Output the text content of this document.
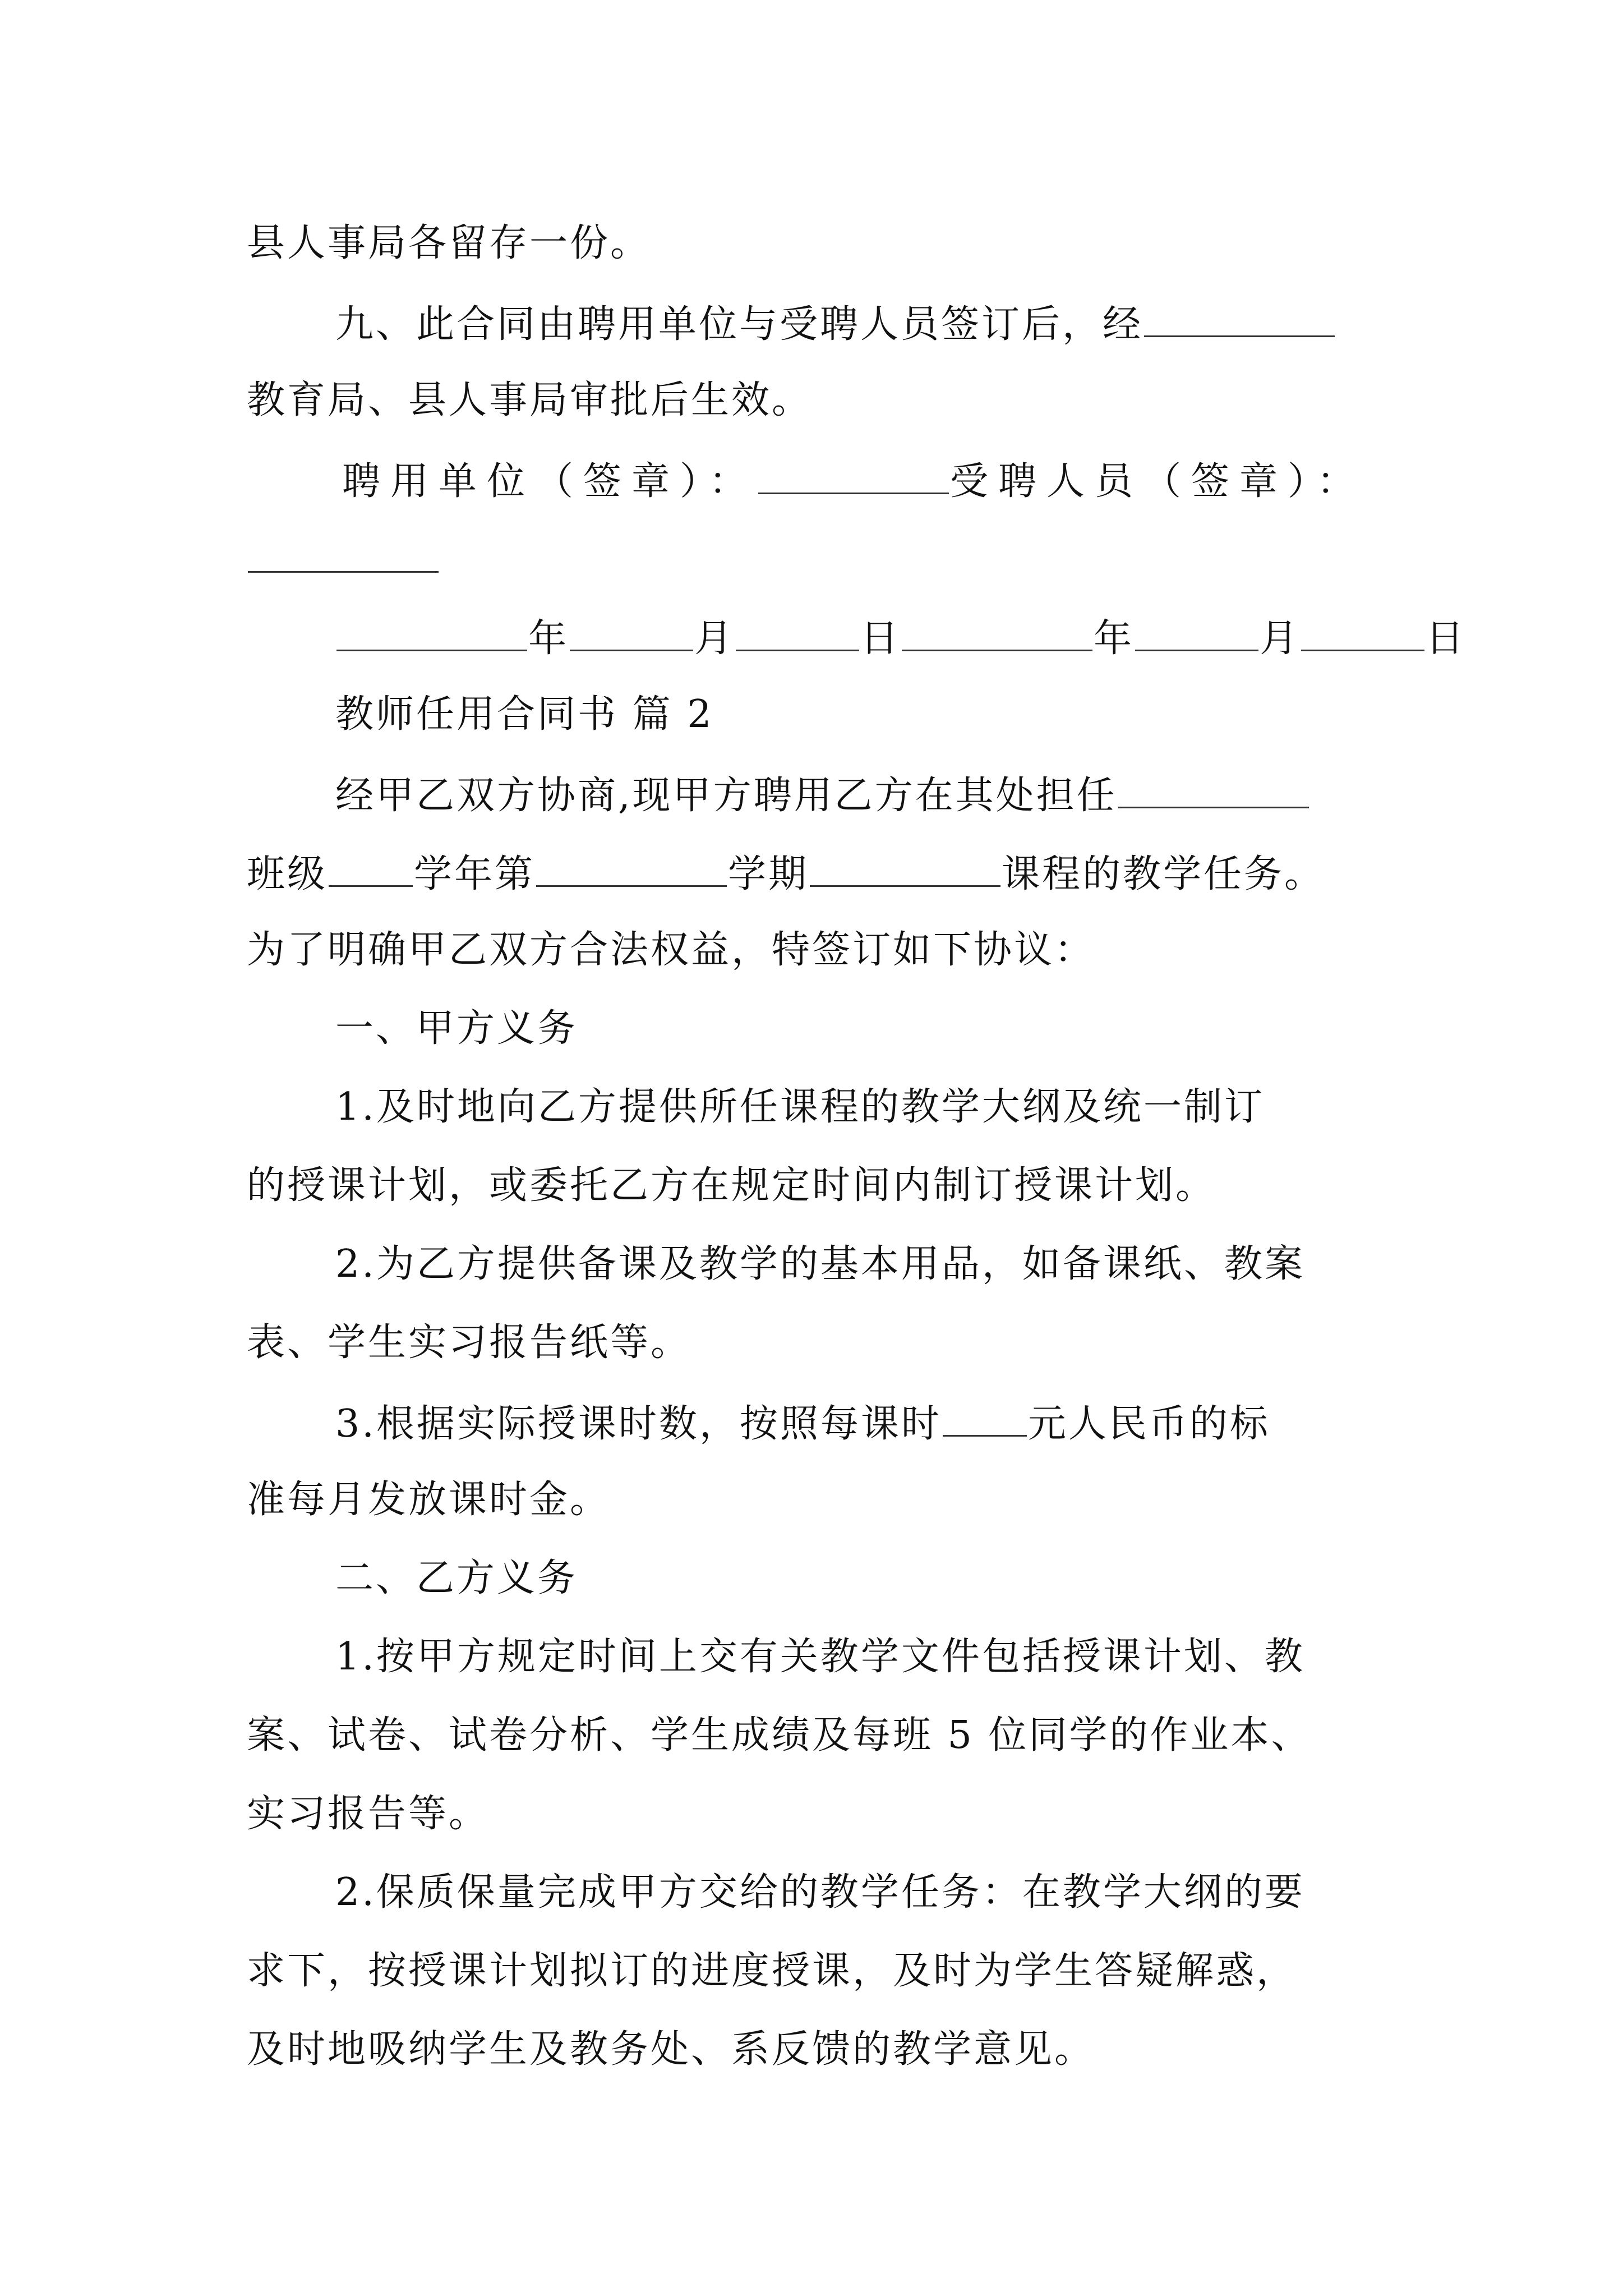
县人事局各留存一份。
九、此合同由聘用单位与受聘人员签订后，经
教育局、县人事局审批后生效。
聘用单位（签章）：	受聘人员（签章）：
年	月	日	年	月	日
教师任用合同书 篇 2
经甲乙双方协商,现甲方聘用乙方在其处担任
班级 学年第	学期	课程的教学任务。
为了明确甲乙双方合法权益，特签订如下协议：
一、甲方义务
1.及时地向乙方提供所任课程的教学大纲及统一制订
的授课计划，或委托乙方在规定时间内制订授课计划。
2.为乙方提供备课及教学的基本用品，如备课纸、教案
表、学生实习报告纸等。
3.根据实际授课时数，按照每课时 元人民币的标
准每月发放课时金。
二、乙方义务
1.按甲方规定时间上交有关教学文件包括授课计划、教
案、试卷、试卷分析、学生成绩及每班 5 位同学的作业本、
实习报告等。
2.保质保量完成甲方交给的教学任务：在教学大纲的要
求下，按授课计划拟订的进度授课，及时为学生答疑解惑，
及时地吸纳学生及教务处、系反馈的教学意见。
